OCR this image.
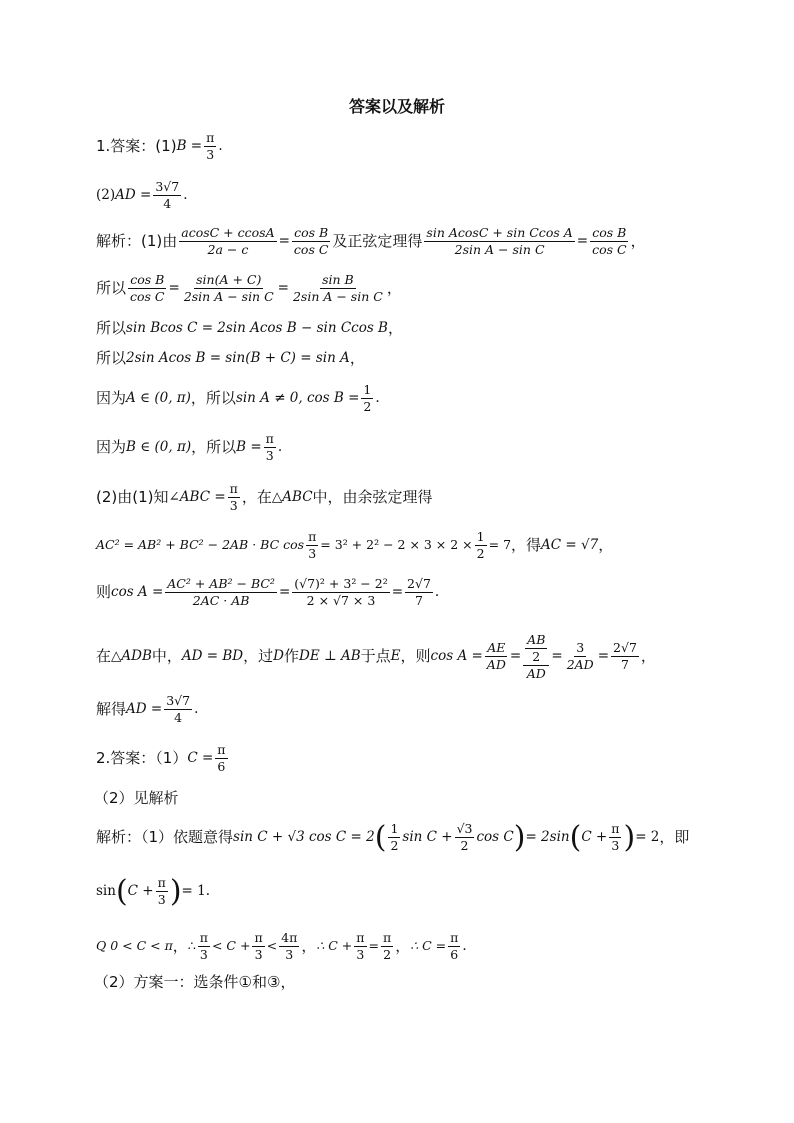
答案以及解析
1.答案：(1) $B = \frac{\pi}{3}$ .
(2) AD = $\frac{3√7}{4}$ .
解析：(1)由 $\frac{acosC + ccosA}{2a - c} = \frac{\text{cos B}}{\text{cos C}}$ 及正弦定理得 $\frac{\text{sin AcosC + sin Ccos A}}{\text{2sin A − sin C}} = \frac{\text{cos B}}{\text{cos C}}$ ，
所以 $\frac{\text{cos B}}{\text{cos C}} = \frac{\sin(A + C)}{\text{2sin A − sin C}} = \frac{\text{sin B}}{\text{2sin A − sin C}}$ ，
所以 sin Bcos C = 2sin Acos B − sin Ccos B ，
所以 2sin Acos B = sin(B + C) = sin A ，
因为 A ∈ (0, π) ，所以 sin A ≠ 0, $\cos B = \frac{1}{2}$ .
因为 B ∈ (0, π) ，所以 $B = \frac{\pi}{3}$ .
(2)由(1)知 ∠ABC = $\frac{\pi}{3}$ ，在 △ABC 中，由余弦定理得
AC² = AB² + BC² − 2AB · BC $\cos \frac{\pi}{3} = 3^2 + 2^2 - 2 \times 3 \times 2 \times \frac{1}{2} = 7$ ，得 AC = √7 ，
则 $\cos A = \frac{\text{AC² + AB² − BC²}}{2AC \cdot AB} = \frac{\text{(√7)² + 3² − 2²}}{2 \times √7 \times 3} = \frac{2√7}{7}$ .
在 △ADB 中， AD = BD ，过 D 作 DE ⊥ AB 于点 E ，则 $\cos A = \frac{AE}{AD} = \frac{\frac{AB}{2}}{AD} = \frac{3}{2AD} = \frac{2√7}{7}$ ，
解得 AD = $\frac{3√7}{4}$ .
2.答案：（1） $C = \frac{\pi}{6}$
（2）见解析
解析：（1）依题意得 sin C + √3 cos C = 2 ( $\frac{1}{2}$ $\sin C + \frac{√3}{2}$ cos C ) = 2sin ( $C + \frac{\pi}{3}$ ) = 2 ，即
sin ( $C + \frac{\pi}{3}$ ) = 1.
Q 0 < C < π ， ∴ $\frac{\pi}{3} < C + \frac{\pi}{3} < \frac{4\pi}{3}$ ， ∴ $C + \frac{\pi}{3} = \frac{\pi}{2}$ ， ∴ $C = \frac{\pi}{6}$ .
（2）方案一：选条件①和③，
